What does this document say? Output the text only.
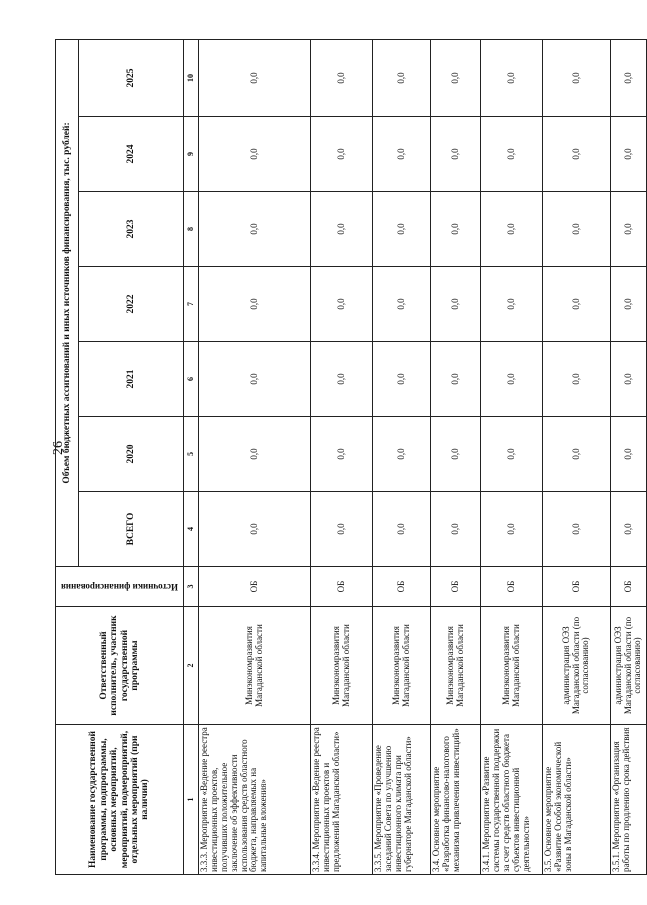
26
Наименование государственной программы, подпрограммы, основных мероприятий, мероприятий, подмероприятий, отдельных мероприятий (при наличии)	Ответственный исполнитель, участник государственной программы	Источники финансирования	Объем бюджетных ассигнований и иных источников финансирования, тыс. рублей:						
			ВСЕГО	2020	2021	2022	2023	2024	2025
1	2	3	4	5	6	7	8	9	10
3.3.3. Мероприятие «Ведение реестра инвестиционных проектов, получивших положительное заключение об эффективности использования средств областного бюджета, направляемых на капитальные вложения»	Минэкономразвития Магаданской области	ОБ	0,0	0,0	0,0	0,0	0,0	0,0	0,0
3.3.4. Мероприятие «Ведение реестра инвестиционных проектов и предложений Магаданской области»	Минэкономразвития Магаданской области	ОБ	0,0	0,0	0,0	0,0	0,0	0,0	0,0
3.3.5. Мероприятие «Проведение заседаний Совета по улучшению инвестиционного климата при губернаторе Магаданской области»	Минэкономразвития Магаданской области	ОБ	0,0	0,0	0,0	0,0	0,0	0,0	0,0
3.4. Основное мероприятие «Разработка финансово-налогового механизма привлечения инвестиций»	Минэкономразвития Магаданской области	ОБ	0,0	0,0	0,0	0,0	0,0	0,0	0,0
3.4.1. Мероприятие «Развитие системы государственной поддержки за счет средств областного бюджета субъектов инвестиционной деятельности»	Минэкономразвития Магаданской области	ОБ	0,0	0,0	0,0	0,0	0,0	0,0	0,0
3.5. Основное мероприятие «Развитие Особой экономической зоны в Магаданской области»	администрация ОЭЗ Магаданской области (по согласованию)	ОБ	0,0	0,0	0,0	0,0	0,0	0,0	0,0
3.5.1. Мероприятие «Организация работы по продлению срока действия	администрация ОЭЗ Магаданской области (по согласованию)	ОБ	0,0	0,0	0,0	0,0	0,0	0,0	0,0
